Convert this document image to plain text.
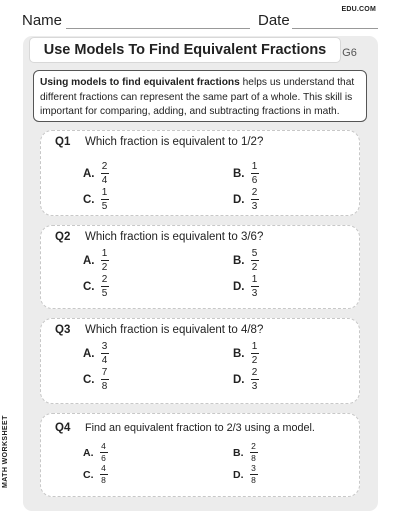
Name	Date
EDU.COM
MATH WORKSHEET
Use Models To Find Equivalent Fractions	G6
Using models to find equivalent fractions helps us understand that different fractions can represent the same part of a whole. This skill is important for comparing, adding, and subtracting fractions in math.
Q1 Which fraction is equivalent to 1/2?
A. $\frac{2}{4}$	B. $\frac{1}{6}$
C. $\frac{1}{5}$	D. $\frac{2}{3}$
Q2 Which fraction is equivalent to 3/6?
A. $\frac{1}{2}$	B. $\frac{5}{2}$
C. $\frac{2}{5}$	D. $\frac{1}{3}$
Q3 Which fraction is equivalent to 4/8?
A. $\frac{3}{4}$	B. $\frac{1}{2}$
C. $\frac{7}{8}$	D. $\frac{2}{3}$
Q4 Find an equivalent fraction to 2/3 using a model.
A. $\frac{4}{6}$	B. $\frac{2}{8}$
C. $\frac{4}{8}$	D. $\frac{3}{8}$
